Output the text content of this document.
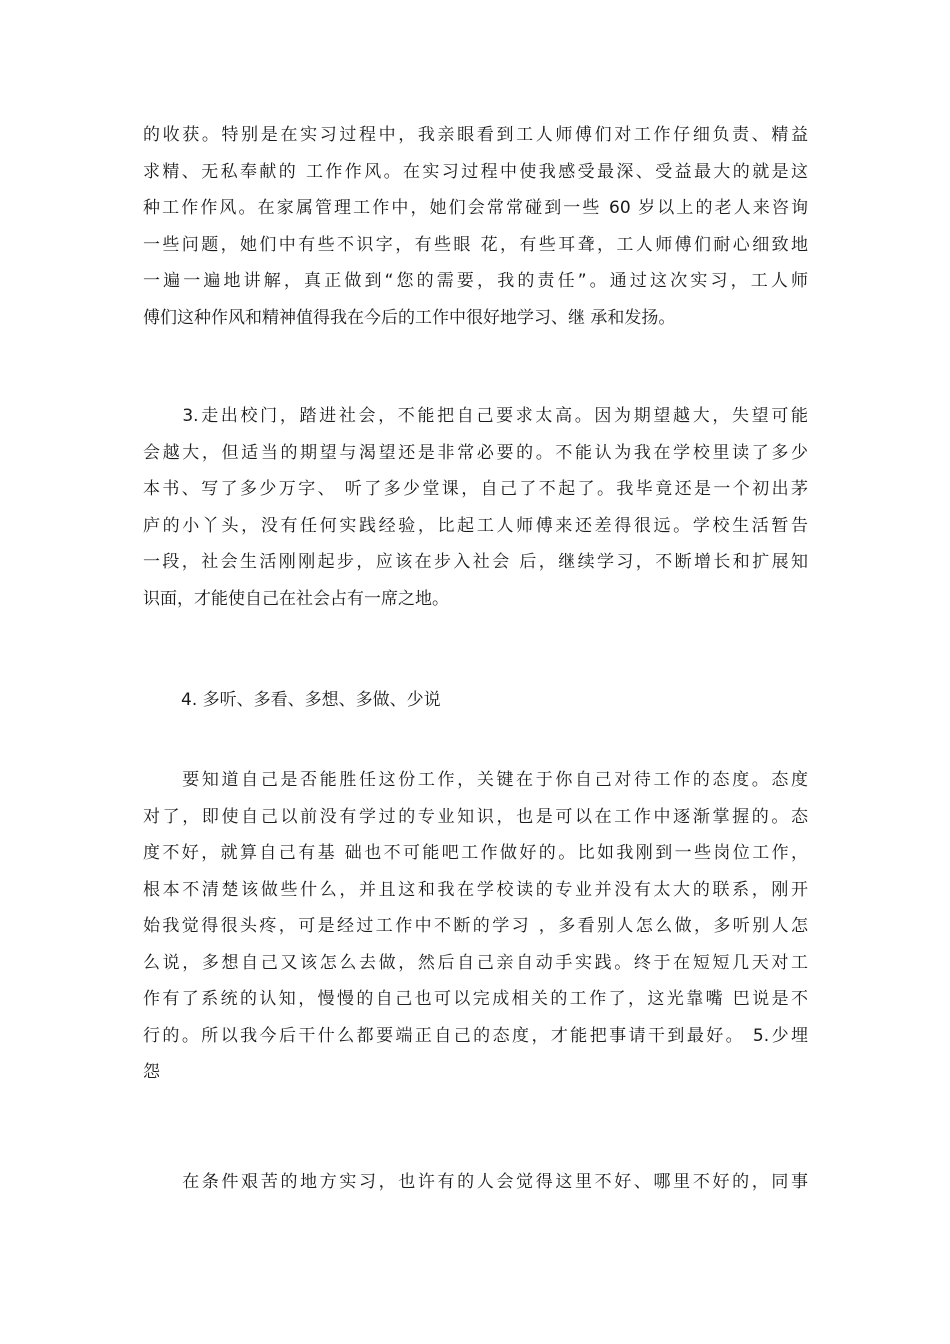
的收获。特别是在实习过程中，我亲眼看到工人师傅们对工作仔细负责、精益
求精、无私奉献的 工作作风。在实习过程中使我感受最深、受益最大的就是这
种工作作风。在家属管理工作中，她们会常常碰到一些 60 岁以上的老人来咨询
一些问题，她们中有些不识字，有些眼 花，有些耳聋，工人师傅们耐心细致地
一遍一遍地讲解，真正做到“您的需要，我的责任”。通过这次实习，工人师
傅们这种作风和精神值得我在今后的工作中很好地学习、继 承和发扬。
　　3.走出校门，踏进社会，不能把自己要求太高。因为期望越大，失望可能
会越大，但适当的期望与渴望还是非常必要的。不能认为我在学校里读了多少
本书、写了多少万字、 听了多少堂课，自己了不起了。我毕竟还是一个初出茅
庐的小丫头，没有任何实践经验，比起工人师傅来还差得很远。学校生活暂告
一段，社会生活刚刚起步，应该在步入社会 后，继续学习，不断增长和扩展知
识面，才能使自己在社会占有一席之地。
4. 多听、多看、多想、多做、少说
　　要知道自己是否能胜任这份工作，关键在于你自己对待工作的态度。态度
对了，即使自己以前没有学过的专业知识，也是可以在工作中逐渐掌握的。态
度不好，就算自己有基 础也不可能吧工作做好的。比如我刚到一些岗位工作，
根本不清楚该做些什么，并且这和我在学校读的专业并没有太大的联系，刚开
始我觉得很头疼，可是经过工作中不断的学习 ，多看别人怎么做，多听别人怎
么说，多想自己又该怎么去做，然后自己亲自动手实践。终于在短短几天对工
作有了系统的认知，慢慢的自己也可以完成相关的工作了，这光靠嘴 巴说是不
行的。所以我今后干什么都要端正自己的态度，才能把事请干到最好。 5.少埋
怨
　　在条件艰苦的地方实习，也许有的人会觉得这里不好、哪里不好的，同事
